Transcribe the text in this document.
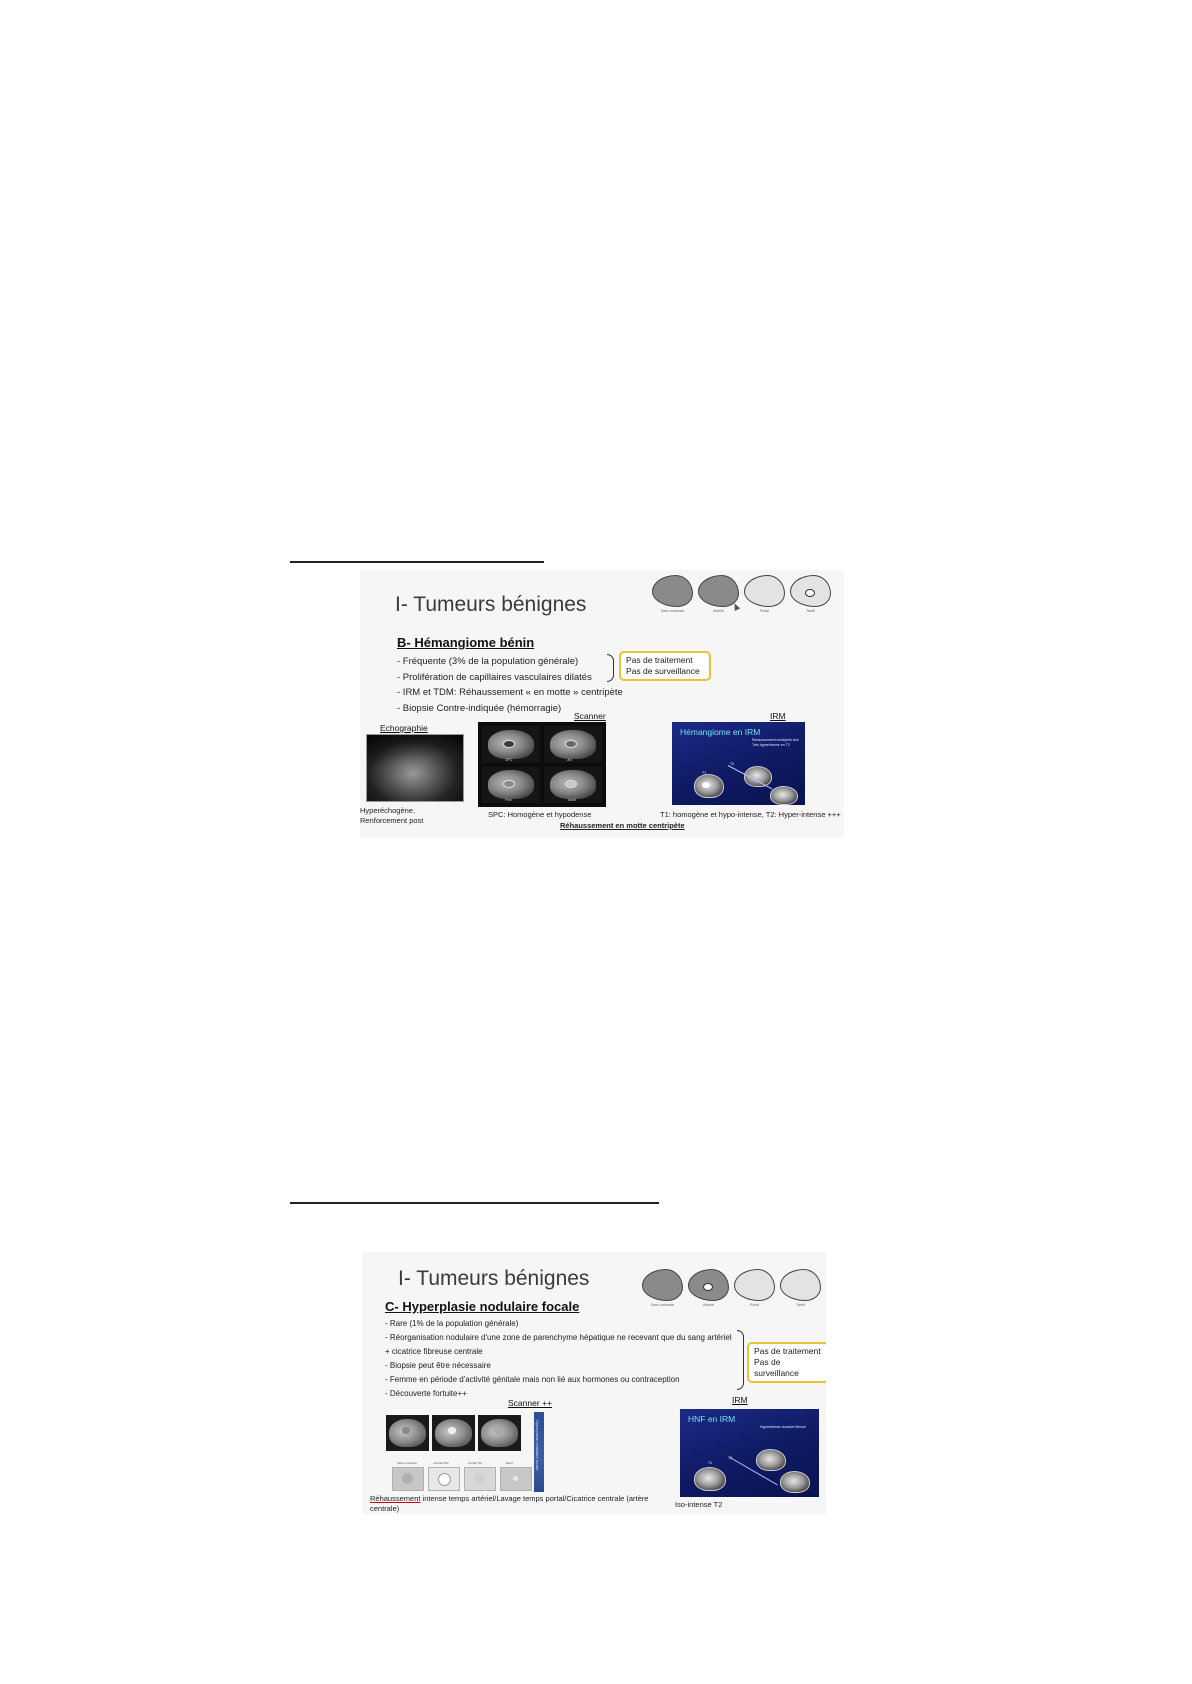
I- Tumeurs bénignes	Sans contraste	Artériel	Portal	Tardif
B- Hémangiome bénin
- Fréquente (3% de la population générale)
- Prolifération de capillaires vasculaires dilatés
- IRM et TDM: Réhaussement « en motte » centripète
- Biopsie Contre-indiquée (hémorragie)
Pas de traitement
Pas de surveillance
Scanner	IRM
Echographie
SPC	Art
Port	Tardif
Hémangiome en IRM
Rehaussement centripète lent
Très hyperintense en T2
T1
T2
Hyperéchogène,
Renforcement post
SPC: Homogène et hypodense	T1: homogène et hypo-intense, T2: Hyper-intense +++
Réhaussement en motte centripète
I- Tumeurs bénignes
Sans contraste	Artériel	Portal	Tardif
C- Hyperplasie nodulaire focale
- Rare (1% de la population générale)
- Réorganisation nodulaire d'une zone de parenchyme hépatique ne recevant que du sang artériel
+ cicatrice fibreuse centrale
- Biopsie peut être nécessaire
- Femme en période d'activité génitale mais non lié aux hormones ou contraception
- Découverte fortuite++
Pas de traitement
Pas de surveillance
Scanner ++	IRM
Hyperplasie nodulaire focale
Sans contraste	Artériel 35s	Portal 70s	Tardif
HNF en IRM
Hyperintense cicatrice fibrose
T1
Réhaussement intense temps artériel/Lavage temps portal/Cicatrice centrale (artère
centrale)	Iso-intense T2
